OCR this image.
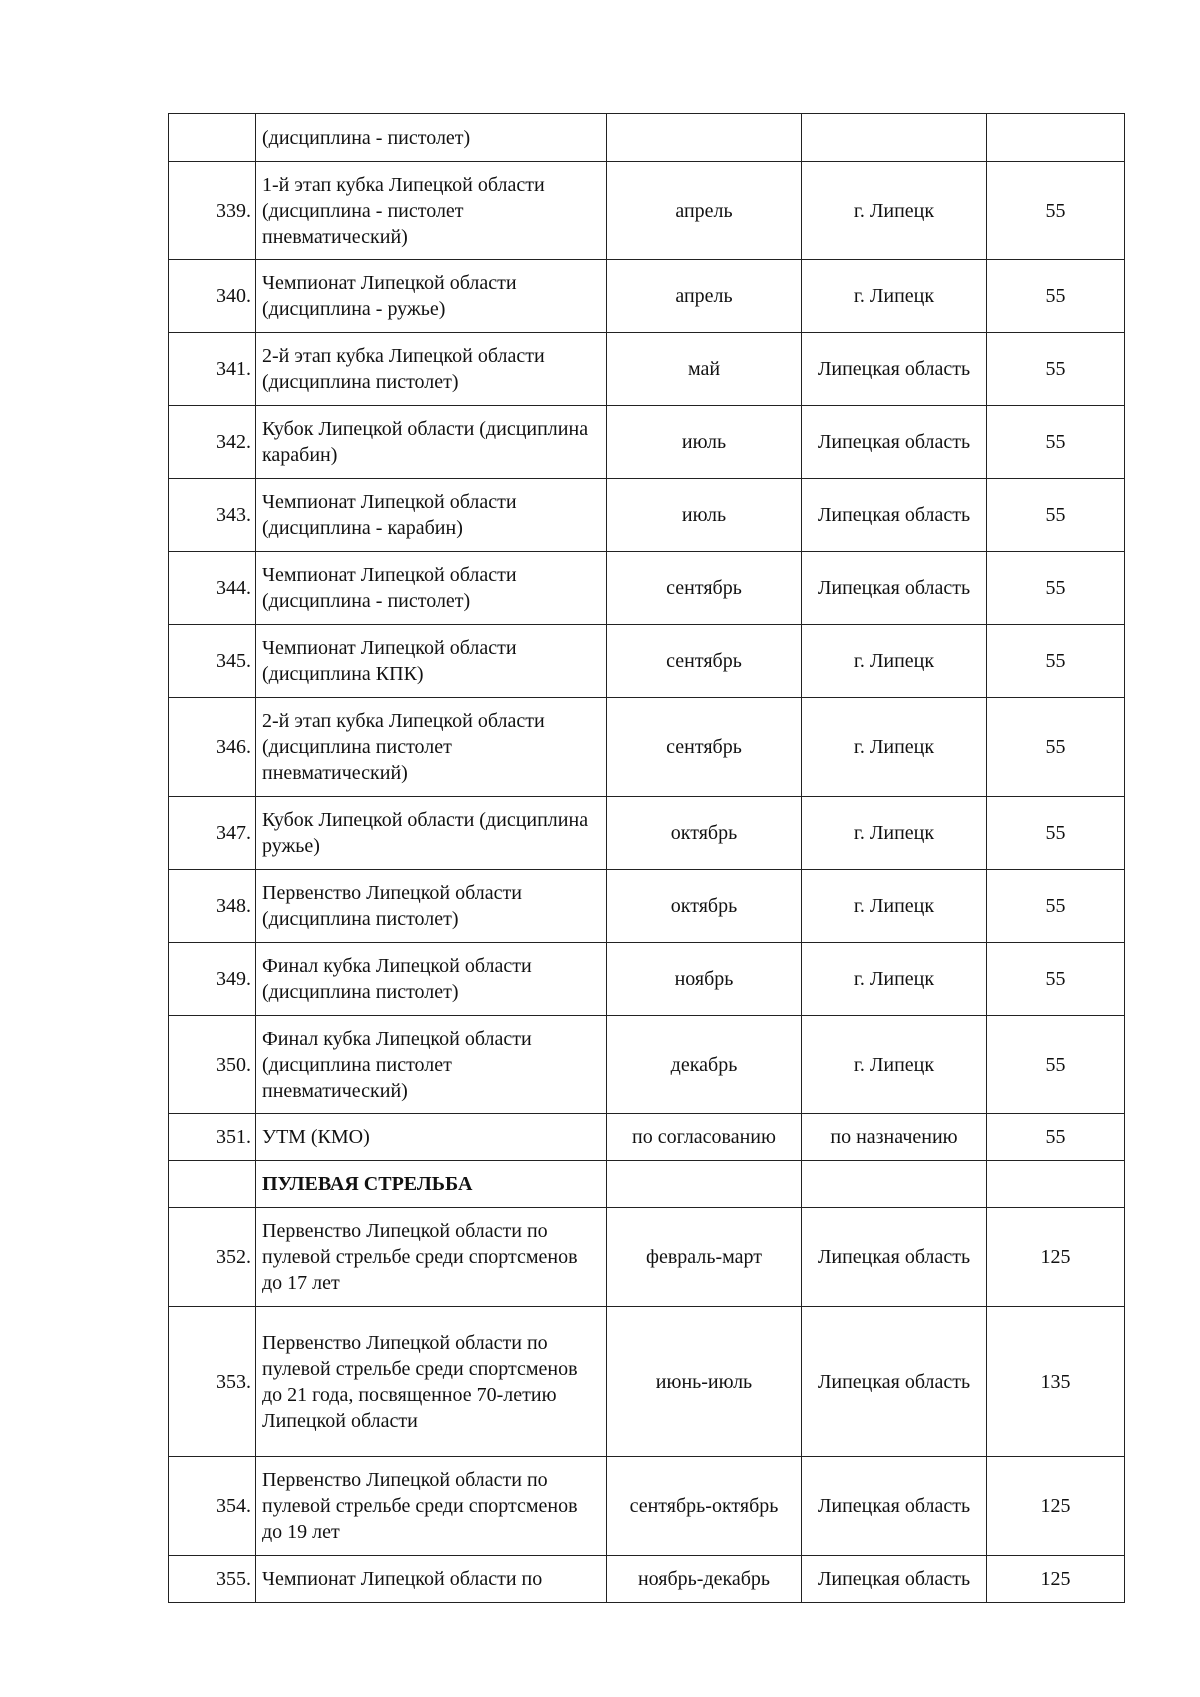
	(дисциплина - пистолет)			

339.	1-й этап кубка Липецкой области (дисциплина - пистолет пневматический)	апрель	г. Липецк	55

340.	Чемпионат Липецкой области (дисциплина - ружье)	апрель	г. Липецк	55

341.	2-й этап кубка Липецкой области (дисциплина пистолет)	май	Липецкая область	55

342.	Кубок Липецкой области (дисциплина карабин)	июль	Липецкая область	55

343.	Чемпионат Липецкой области (дисциплина - карабин)	июль	Липецкая область	55

344.	Чемпионат Липецкой области (дисциплина - пистолет)	сентябрь	Липецкая область	55

345.	Чемпионат Липецкой области (дисциплина КПК)	сентябрь	г. Липецк	55

346.	2-й этап кубка Липецкой области (дисциплина пистолет пневматический)	сентябрь	г. Липецк	55

347.	Кубок Липецкой области (дисциплина ружье)	октябрь	г. Липецк	55

348.	Первенство Липецкой области (дисциплина пистолет)	октябрь	г. Липецк	55

349.	Финал кубка Липецкой области (дисциплина пистолет)	ноябрь	г. Липецк	55

350.	Финал кубка Липецкой области (дисциплина пистолет пневматический)	декабрь	г. Липецк	55

351.	УТМ (КМО)	по согласованию	по назначению	55

	ПУЛЕВАЯ СТРЕЛЬБА			

352.	Первенство Липецкой области по пулевой стрельбе среди спортсменов до 17 лет	февраль-март	Липецкая область	125

353.	Первенство Липецкой области по пулевой стрельбе среди спортсменов до 21 года, посвященное 70-летию Липецкой области	июнь-июль	Липецкая область	135

354.	Первенство Липецкой области по пулевой стрельбе среди спортсменов до 19 лет	сентябрь-октябрь	Липецкая область	125

355.	Чемпионат Липецкой области по	ноябрь-декабрь	Липецкая область	125
